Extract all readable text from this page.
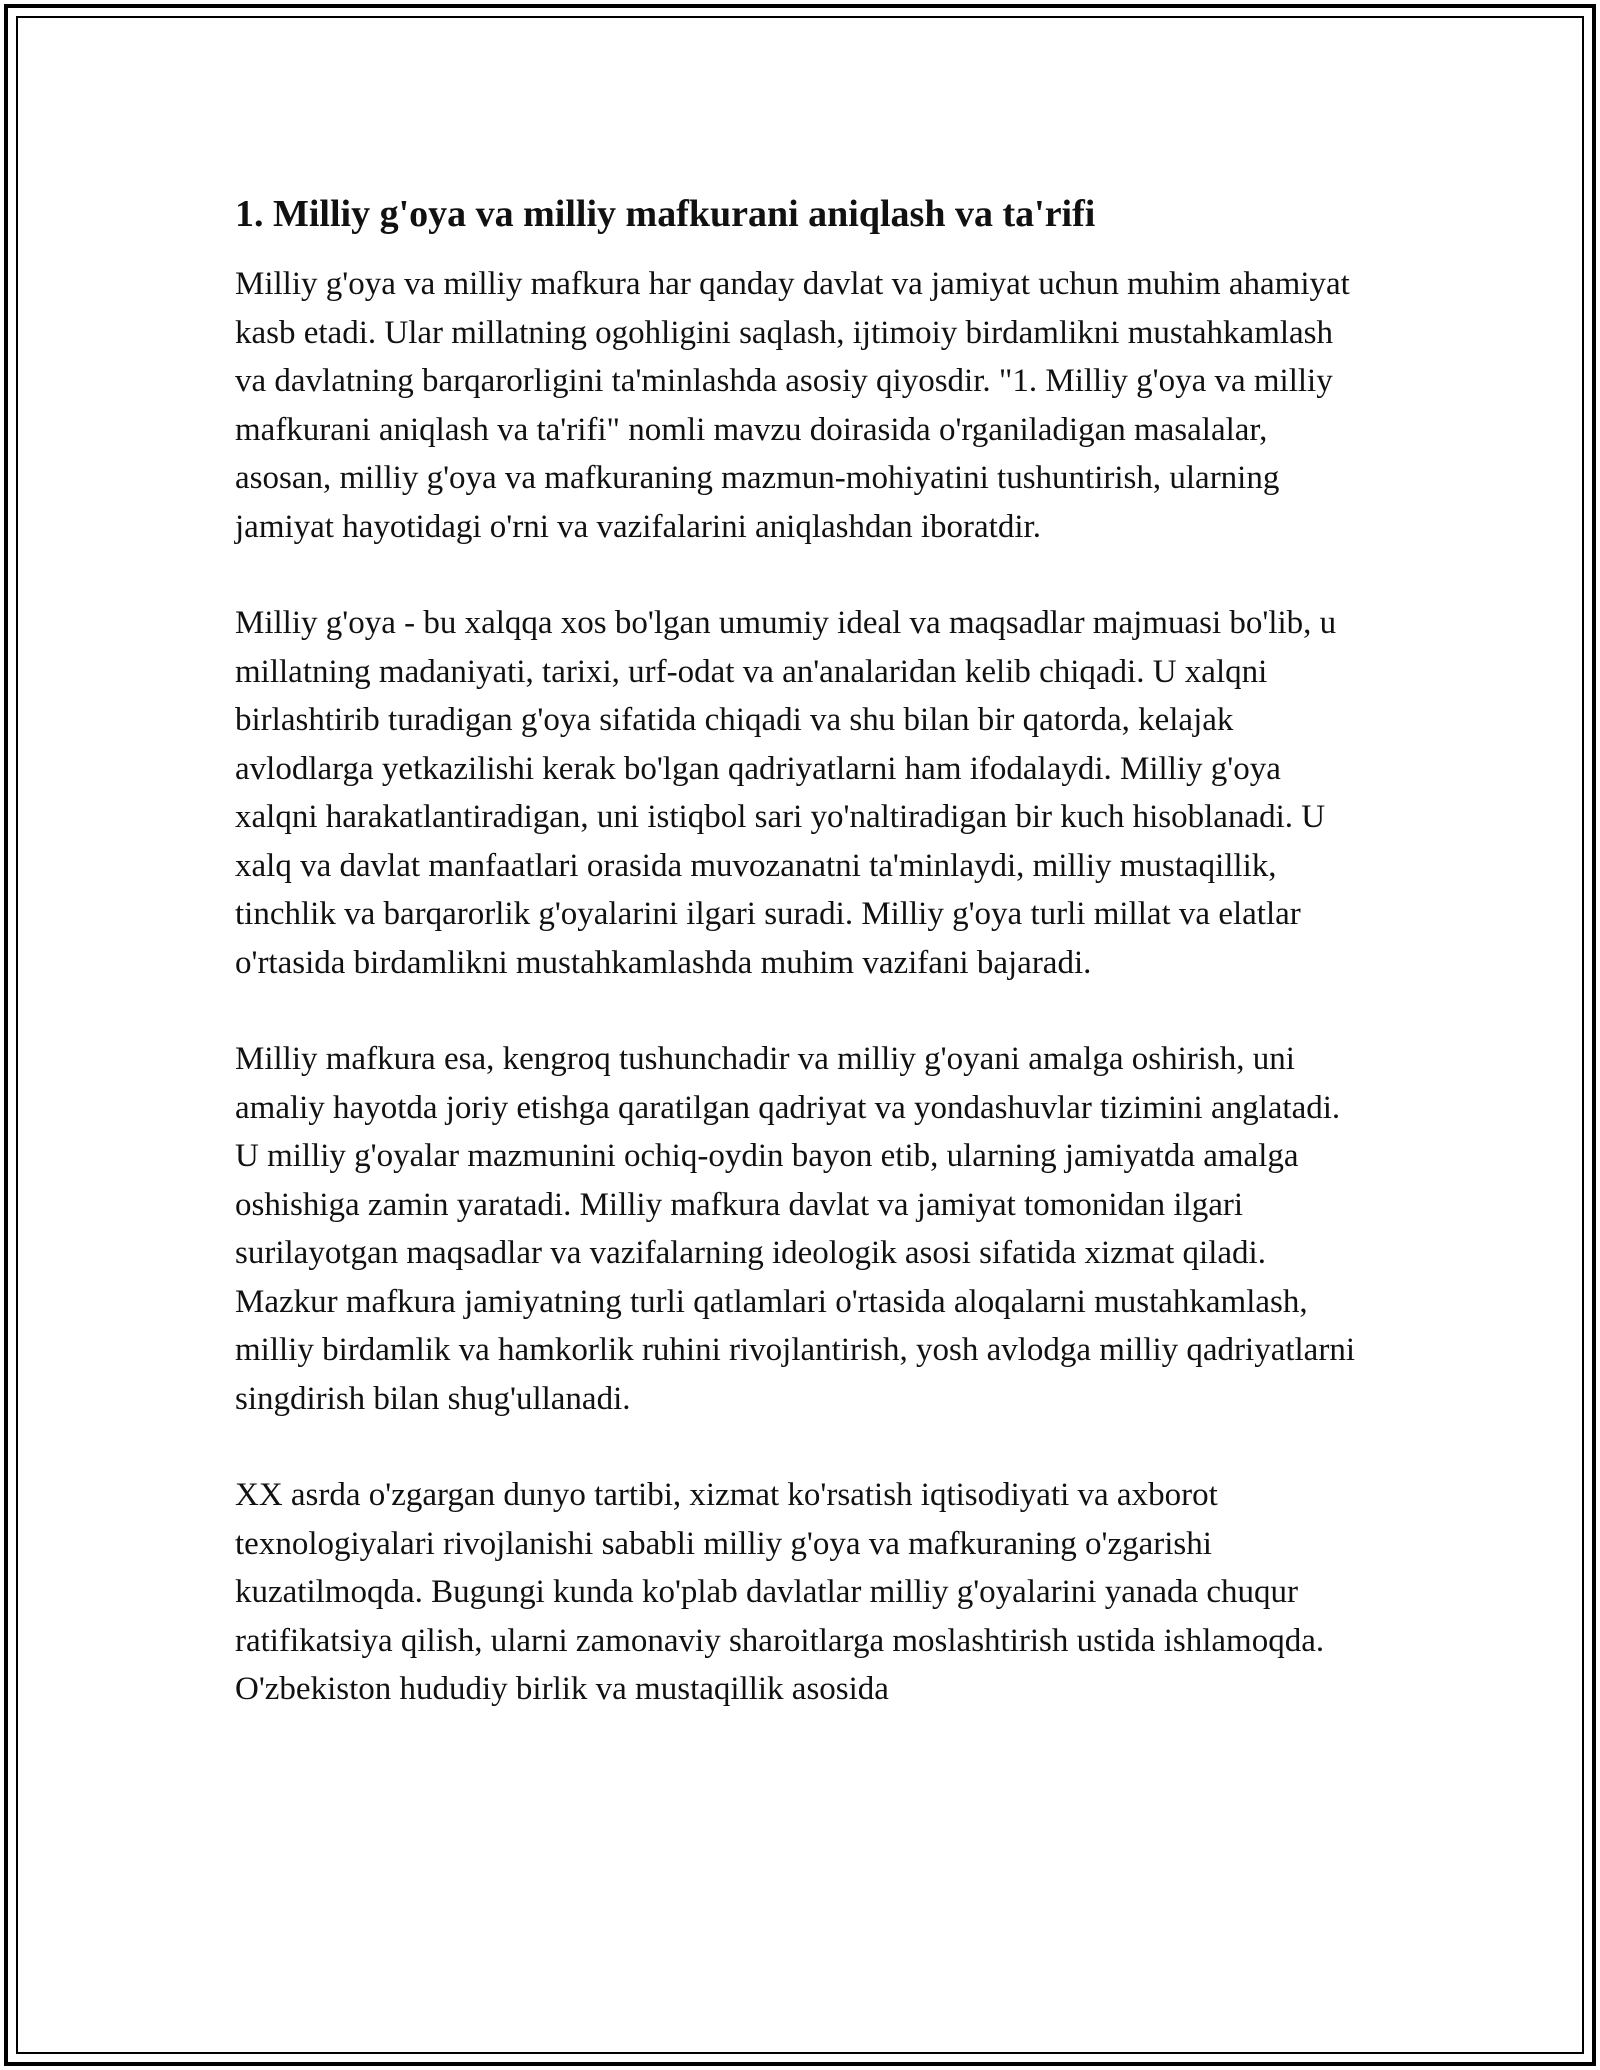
1. Milliy g'oya va milliy mafkurani aniqlash va ta'rifi

Milliy g'oya va milliy mafkura har qanday davlat va jamiyat uchun muhim ahamiyat kasb etadi. Ular millatning ogohligini saqlash, ijtimoiy birdamlikni mustahkamlash va davlatning barqarorligini ta'minlashda asosiy qiyosdir. "1. Milliy g'oya va milliy mafkurani aniqlash va ta'rifi" nomli mavzu doirasida o'rganiladigan masalalar, asosan, milliy g'oya va mafkuraning mazmun-mohiyatini tushuntirish, ularning jamiyat hayotidagi o'rni va vazifalarini aniqlashdan iboratdir.

Milliy g'oya - bu xalqqa xos bo'lgan umumiy ideal va maqsadlar majmuasi bo'lib, u millatning madaniyati, tarixi, urf-odat va an'analaridan kelib chiqadi. U xalqni birlashtirib turadigan g'oya sifatida chiqadi va shu bilan bir qatorda, kelajak avlodlarga yetkazilishi kerak bo'lgan qadriyatlarni ham ifodalaydi. Milliy g'oya xalqni harakatlantiradigan, uni istiqbol sari yo'naltiradigan bir kuch hisoblanadi. U xalq va davlat manfaatlari orasida muvozanatni ta'minlaydi, milliy mustaqillik, tinchlik va barqarorlik g'oyalarini ilgari suradi. Milliy g'oya turli millat va elatlar o'rtasida birdamlikni mustahkamlashda muhim vazifani bajaradi.

Milliy mafkura esa, kengroq tushunchadir va milliy g'oyani amalga oshirish, uni amaliy hayotda joriy etishga qaratilgan qadriyat va yondashuvlar tizimini anglatadi. U milliy g'oyalar mazmunini ochiq-oydin bayon etib, ularning jamiyatda amalga oshishiga zamin yaratadi. Milliy mafkura davlat va jamiyat tomonidan ilgari surilayotgan maqsadlar va vazifalarning ideologik asosi sifatida xizmat qiladi. Mazkur mafkura jamiyatning turli qatlamlari o'rtasida aloqalarni mustahkamlash, milliy birdamlik va hamkorlik ruhini rivojlantirish, yosh avlodga milliy qadriyatlarni singdirish bilan shug'ullanadi.

XX asrda o'zgargan dunyo tartibi, xizmat ko'rsatish iqtisodiyati va axborot texnologiyalari rivojlanishi sababli milliy g'oya va mafkuraning o'zgarishi kuzatilmoqda. Bugungi kunda ko'plab davlatlar milliy g'oyalarini yanada chuqur ratifikatsiya qilish, ularni zamonaviy sharoitlarga moslashtirish ustida ishlamoqda. O'zbekiston hududiy birlik va mustaqillik asosida
